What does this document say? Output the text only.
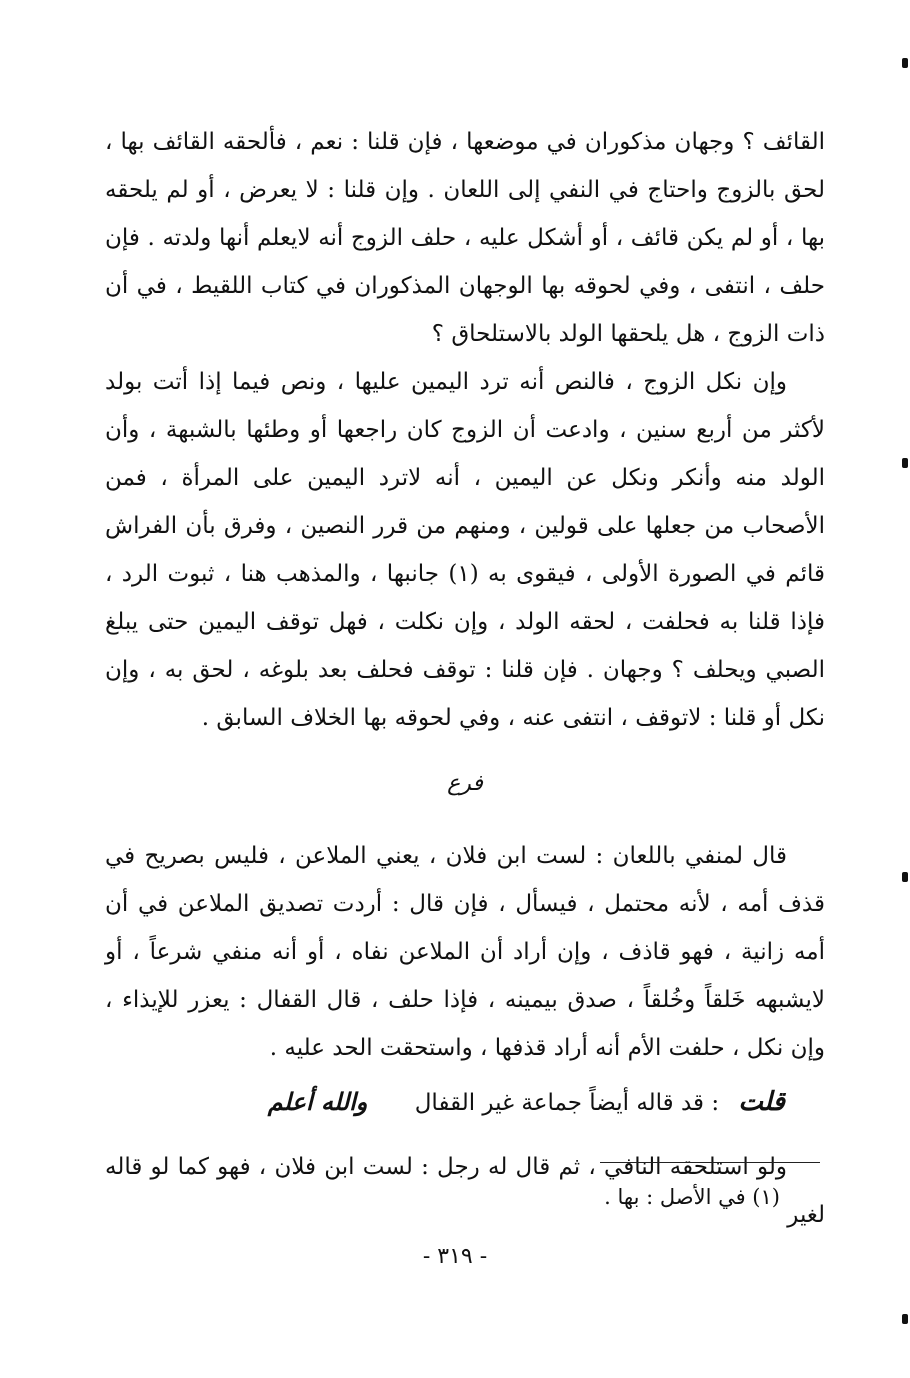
القائف ؟ وجهان مذكوران في موضعها ، فإن قلنا : نعم ، فألحقه القائف بها ، لحق بالزوج واحتاج في النفي إلى اللعان . وإن قلنا : لا يعرض ، أو لم يلحقه بها ، أو لم يكن قائف ، أو أشكل عليه ، حلف الزوج أنه لايعلم أنها ولدته . فإن حلف ، انتفى ، وفي لحوقه بها الوجهان المذكوران في كتاب اللقيط ، في أن ذات الزوج ، هل يلحقها الولد بالاستلحاق ؟

وإن نكل الزوج ، فالنص أنه ترد اليمين عليها ، ونص فيما إذا أتت بولد لأكثر من أربع سنين ، وادعت أن الزوج كان راجعها أو وطئها بالشبهة ، وأن الولد منه وأنكر ونكل عن اليمين ، أنه لاترد اليمين على المرأة ، فمن الأصحاب من جعلها على قولين ، ومنهم من قرر النصين ، وفرق بأن الفراش قائم في الصورة الأولى ، فيقوى به (١) جانبها ، والمذهب هنا ، ثبوت الرد ، فإذا قلنا به فحلفت ، لحقه الولد ، وإن نكلت ، فهل توقف اليمين حتى يبلغ الصبي ويحلف ؟ وجهان . فإن قلنا : توقف فحلف بعد بلوغه ، لحق به ، وإن نكل أو قلنا : لاتوقف ، انتفى عنه ، وفي لحوقه بها الخلاف السابق .

فرع

قال لمنفي باللعان : لست ابن فلان ، يعني الملاعن ، فليس بصريح في قذف أمه ، لأنه محتمل ، فيسأل ، فإن قال : أردت تصديق الملاعن في أن أمه زانية ، فهو قاذف ، وإن أراد أن الملاعن نفاه ، أو أنه منفي شرعاً ، أو لايشبهه خَلقاً وخُلقاً ، صدق بيمينه ، فإذا حلف ، قال القفال : يعزر للإيذاء ، وإن نكل ، حلفت الأم أنه أراد قذفها ، واستحقت الحد عليه .

قلت : قد قاله أيضاً جماعة غير القفال والله أعلم

ولو استلحقه النافي ، ثم قال له رجل : لست ابن فلان ، فهو كما لو قاله لغير

(١) في الأصل : بها .
- ٣١٩ -
